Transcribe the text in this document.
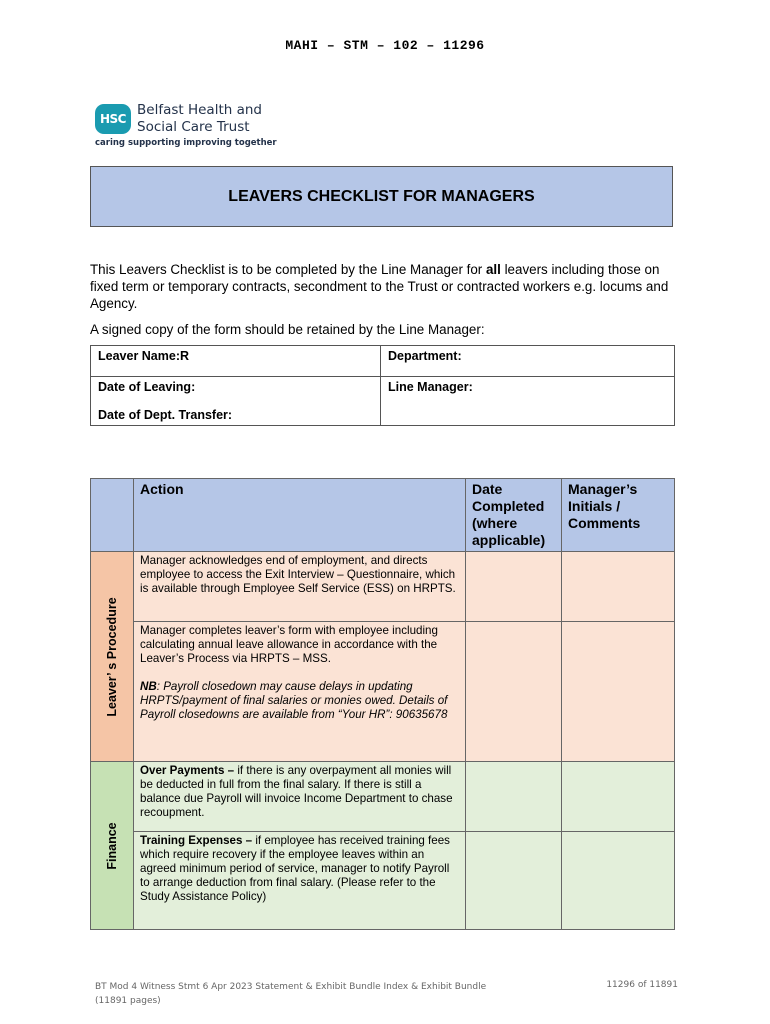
MAHI – STM – 102 – 11296
HSC
Belfast Health and
Social Care Trust
caring supporting improving together
LEAVERS CHECKLIST FOR MANAGERS

This Leavers Checklist is to be completed by the Line Manager for all leavers including those on fixed term or temporary contracts, secondment to the Trust or contracted workers e.g. locums and Agency.

A signed copy of the form should be retained by the Line Manager:

Leaver Name:R	Department:

Date of Leaving:
Date of Dept. Transfer:	Line Manager:

	Action	Date Completed (where applicable)	Manager’s Initials / Comments

Leaver’ s Procedure	Manager acknowledges end of employment, and directs employee to access the Exit Interview – Questionnaire, which is available through Employee Self Service (ESS) on HRPTS.		

	Manager completes leaver’s form with employee including calculating annual leave allowance in accordance with the Leaver’s Process via HRPTS – MSS.

NB: Payroll closedown may cause delays in updating HRPTS/payment of final salaries or monies owed. Details of Payroll closedowns are available from “Your HR”: 90635678		

Finance	Over Payments – if there is any overpayment all monies will be deducted in full from the final salary. If there is still a balance due Payroll will invoice Income Department to chase recoupment.		

	Training Expenses – if employee has received training fees which require recovery if the employee leaves within an agreed minimum period of service, manager to notify Payroll to arrange deduction from final salary. (Please refer to the Study Assistance Policy)		

BT Mod 4 Witness Stmt 6 Apr 2023 Statement & Exhibit Bundle Index & Exhibit Bundle (11891 pages)
11296 of 11891
